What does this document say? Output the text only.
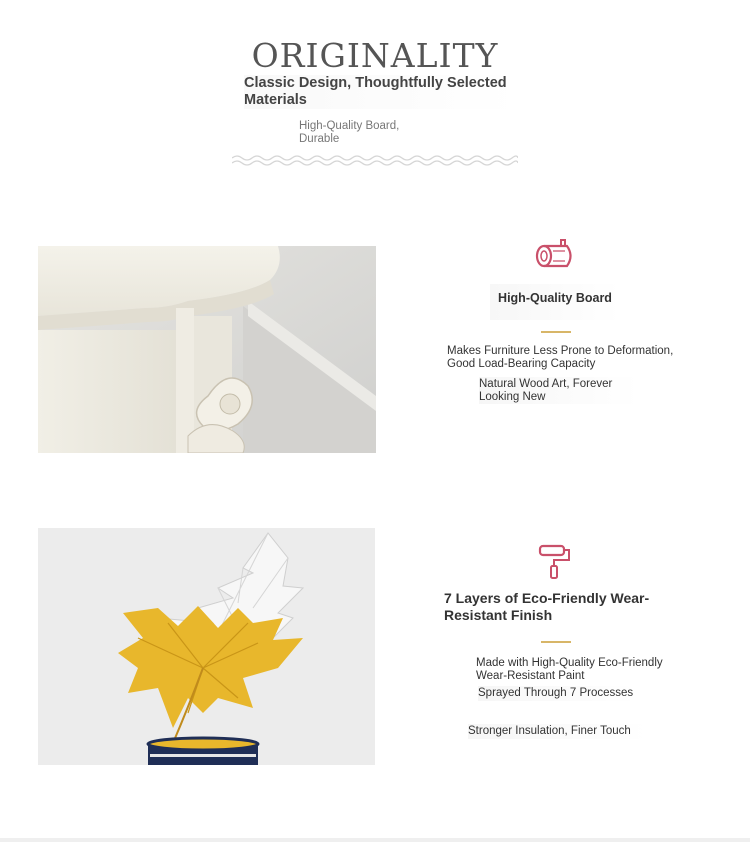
ORIGINALITY
Classic Design, Thoughtfully Selected Materials
High-Quality Board, Durable
High-Quality Board
Makes Furniture Less Prone to Deformation, Good Load-Bearing Capacity
Natural Wood Art, Forever Looking New
7 Layers of Eco-Friendly Wear-Resistant Finish
Made with High-Quality Eco-Friendly Wear-Resistant Paint
Sprayed Through 7 Processes
Stronger Insulation, Finer Touch
